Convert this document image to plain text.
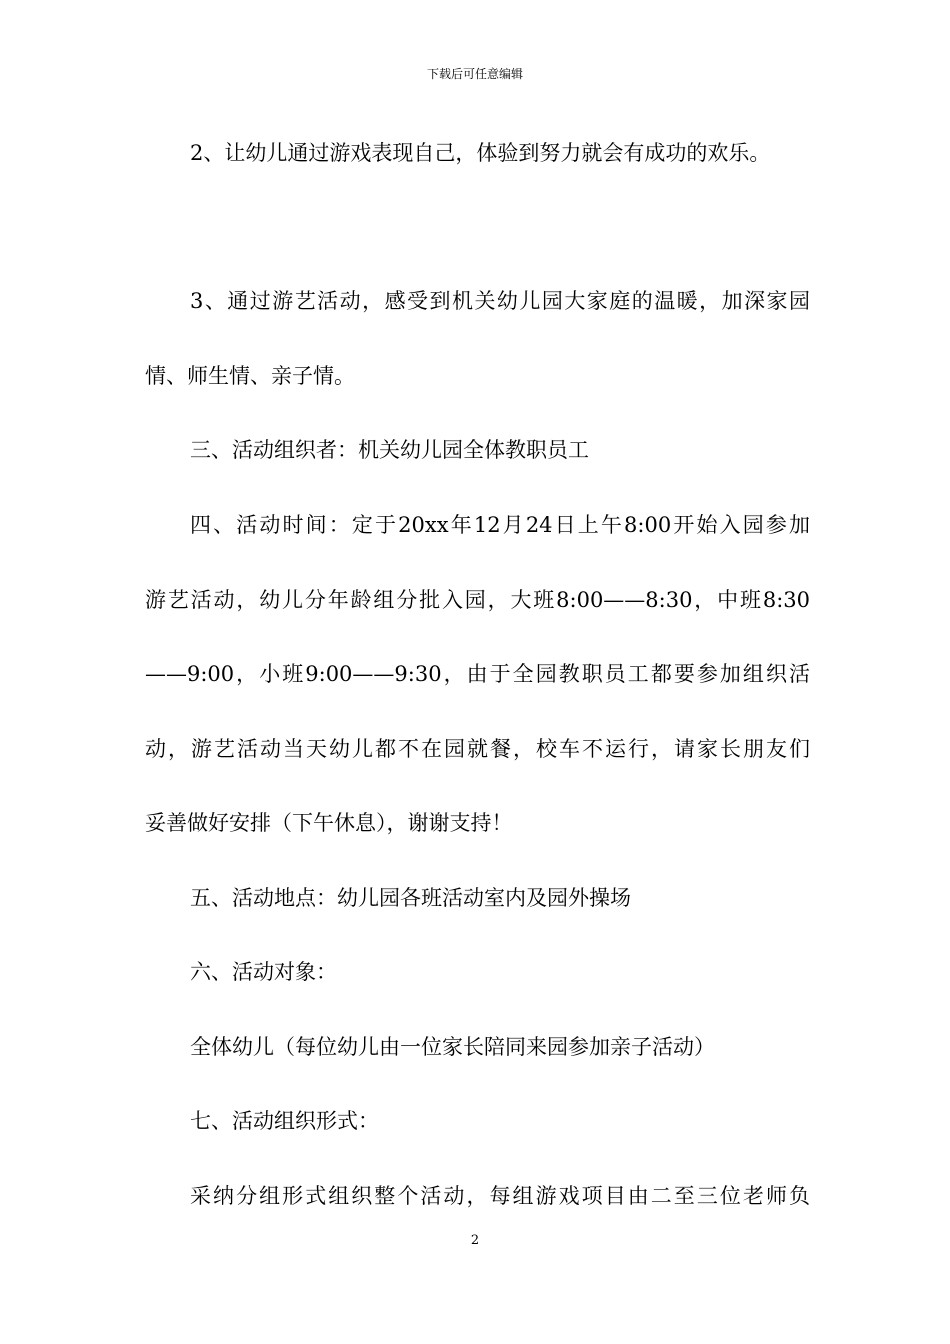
下载后可任意编辑
2、让幼儿通过游戏表现自己，体验到努力就会有成功的欢乐。
3、通过游艺活动，感受到机关幼儿园大家庭的温暖，加深家园
情、师生情、亲子情。
三、活动组织者：机关幼儿园全体教职员工
四、活动时间：定于20xx年12月24日上午8:00开始入园参加
游艺活动，幼儿分年龄组分批入园，大班8:00——8:30，中班8:30
——9:00，小班9:00——9:30，由于全园教职员工都要参加组织活
动，游艺活动当天幼儿都不在园就餐，校车不运行，请家长朋友们
妥善做好安排（下午休息），谢谢支持！
五、活动地点：幼儿园各班活动室内及园外操场
六、活动对象：
全体幼儿（每位幼儿由一位家长陪同来园参加亲子活动）
七、活动组织形式：
采纳分组形式组织整个活动，每组游戏项目由二至三位老师负
2
